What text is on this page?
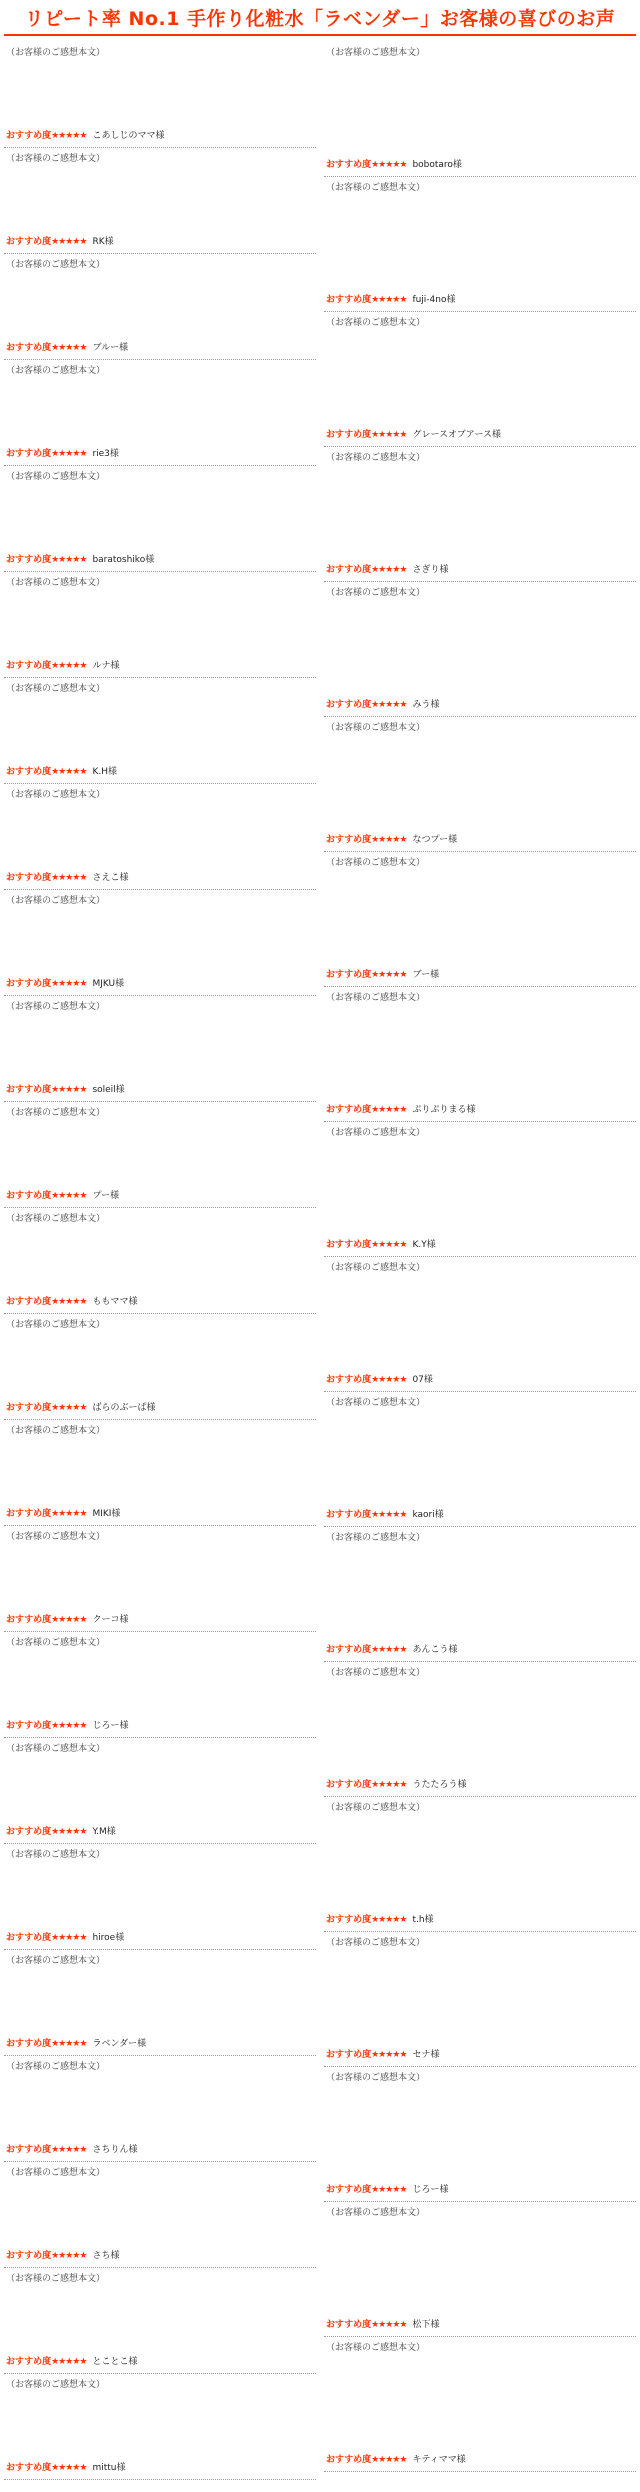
リピート率 No.1 手作り化粧水「ラベンダー」お客様の喜びのお声
（お客様のご感想本文）
おすすめ度★★★★★ こあしじのママ様
（お客様のご感想本文）
おすすめ度★★★★★ RK様
（お客様のご感想本文）
おすすめ度★★★★★ ブルー様
（お客様のご感想本文）
おすすめ度★★★★★ rie3様
（お客様のご感想本文）
おすすめ度★★★★★ baratoshiko様
（お客様のご感想本文）
おすすめ度★★★★★ ルナ様
（お客様のご感想本文）
おすすめ度★★★★★ K.H様
（お客様のご感想本文）
おすすめ度★★★★★ さえこ様
（お客様のご感想本文）
おすすめ度★★★★★ MJKU様
（お客様のご感想本文）
おすすめ度★★★★★ soleil様
（お客様のご感想本文）
おすすめ度★★★★★ プー様
（お客様のご感想本文）
おすすめ度★★★★★ ももママ様
（お客様のご感想本文）
おすすめ度★★★★★ ばらのぶーぱ様
（お客様のご感想本文）
おすすめ度★★★★★ MIKI様
（お客様のご感想本文）
おすすめ度★★★★★ クーコ様
（お客様のご感想本文）
おすすめ度★★★★★ じろー様
（お客様のご感想本文）
おすすめ度★★★★★ Y.M様
（お客様のご感想本文）
おすすめ度★★★★★ hiroe様
（お客様のご感想本文）
おすすめ度★★★★★ ラベンダー様
（お客様のご感想本文）
おすすめ度★★★★★ さちりん様
（お客様のご感想本文）
おすすめ度★★★★★ さち様
（お客様のご感想本文）
おすすめ度★★★★★ とことこ様
（お客様のご感想本文）
おすすめ度★★★★★ mittu様
（お客様のご感想本文）
おすすめ度★★★★★ bobotaro様
（お客様のご感想本文）
おすすめ度★★★★★ fuji-4no様
（お客様のご感想本文）
おすすめ度★★★★★ グレースオブアース様
（お客様のご感想本文）
おすすめ度★★★★★ さぎり様
（お客様のご感想本文）
おすすめ度★★★★★ みう様
（お客様のご感想本文）
おすすめ度★★★★★ なつプー様
（お客様のご感想本文）
おすすめ度★★★★★ ブー様
（お客様のご感想本文）
おすすめ度★★★★★ ぷりぷりまる様
（お客様のご感想本文）
おすすめ度★★★★★ K.Y様
（お客様のご感想本文）
おすすめ度★★★★★ 07様
（お客様のご感想本文）
おすすめ度★★★★★ kaori様
（お客様のご感想本文）
おすすめ度★★★★★ あんこう様
（お客様のご感想本文）
おすすめ度★★★★★ うたたろう様
（お客様のご感想本文）
おすすめ度★★★★★ t.h様
（お客様のご感想本文）
おすすめ度★★★★★ セナ様
（お客様のご感想本文）
おすすめ度★★★★★ じろー様
（お客様のご感想本文）
おすすめ度★★★★★ 松下様
（お客様のご感想本文）
おすすめ度★★★★★ キティママ様
